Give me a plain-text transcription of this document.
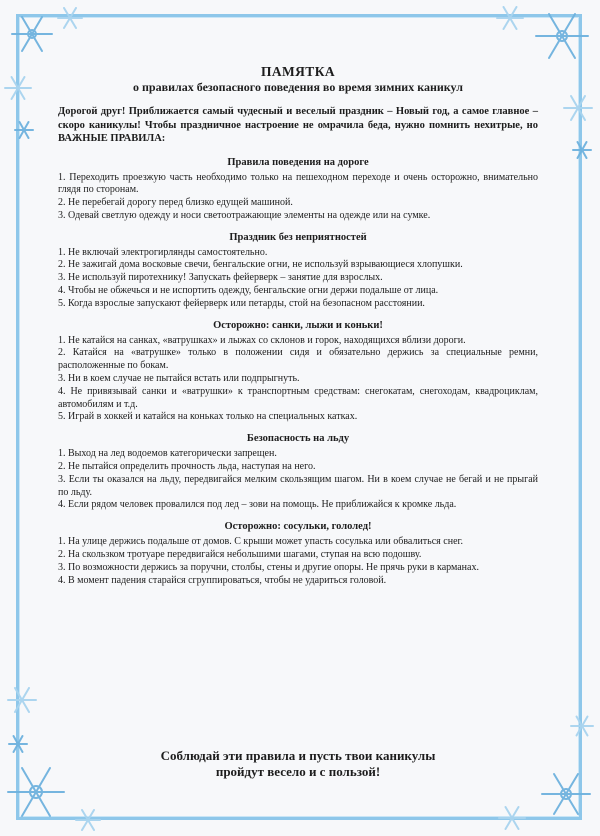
ПАМЯТКА
о правилах безопасного поведения во время зимних каникул
Дорогой друг! Приближается самый чудесный и веселый праздник – Новый год, а самое главное – скоро каникулы! Чтобы праздничное настроение не омрачила беда, нужно помнить нехитрые, но ВАЖНЫЕ ПРАВИЛА:
Правила поведения на дороге
1. Переходить проезжую часть необходимо только на пешеходном переходе и очень осторожно, внимательно глядя по сторонам.
2. Не перебегай дорогу перед близко едущей машиной.
3. Одевай светлую одежду и носи светоотражающие элементы на одежде или на сумке.
Праздник без неприятностей
1. Не включай электрогирлянды самостоятельно.
2. Не зажигай дома восковые свечи, бенгальские огни, не используй взрывающиеся хлопушки.
3. Не используй пиротехнику! Запускать фейерверк – занятие для взрослых.
4. Чтобы не обжечься и не испортить одежду, бенгальские огни держи подальше от лица.
5. Когда взрослые запускают фейерверк или петарды, стой на безопасном расстоянии.
Осторожно: санки, лыжи и коньки!
1. Не катайся на санках, «ватрушках» и лыжах со склонов и горок, находящихся вблизи дороги.
2. Катайся на «ватрушке» только в положении сидя и обязательно держись за специальные ремни, расположенные по бокам.
3. Ни в коем случае не пытайся встать или подпрыгнуть.
4. Не привязывай санки и «ватрушки» к транспортным средствам: снегокатам, снегоходам, квадроциклам, автомобилям и т.д.
5. Играй в хоккей и катайся на коньках только на специальных катках.
Безопасность на льду
1. Выход на лед водоемов категорически запрещен.
2. Не пытайся определить прочность льда, наступая на него.
3. Если ты оказался на льду, передвигайся мелким скользящим шагом. Ни в коем случае не бегай и не прыгай по льду.
4. Если рядом человек провалился под лед – зови на помощь. Не приближайся к кромке льда.
Осторожно: сосульки, гололед!
1. На улице держись подальше от домов. С крыши может упасть сосулька или обвалиться снег.
2. На скользком тротуаре передвигайся небольшими шагами, ступая на всю подошву.
3. По возможности держись за поручни, столбы, стены и другие опоры. Не прячь руки в карманах.
4. В момент падения старайся сгруппироваться, чтобы не удариться головой.
Соблюдай эти правила и пусть твои каникулы
пройдут весело и с пользой!
